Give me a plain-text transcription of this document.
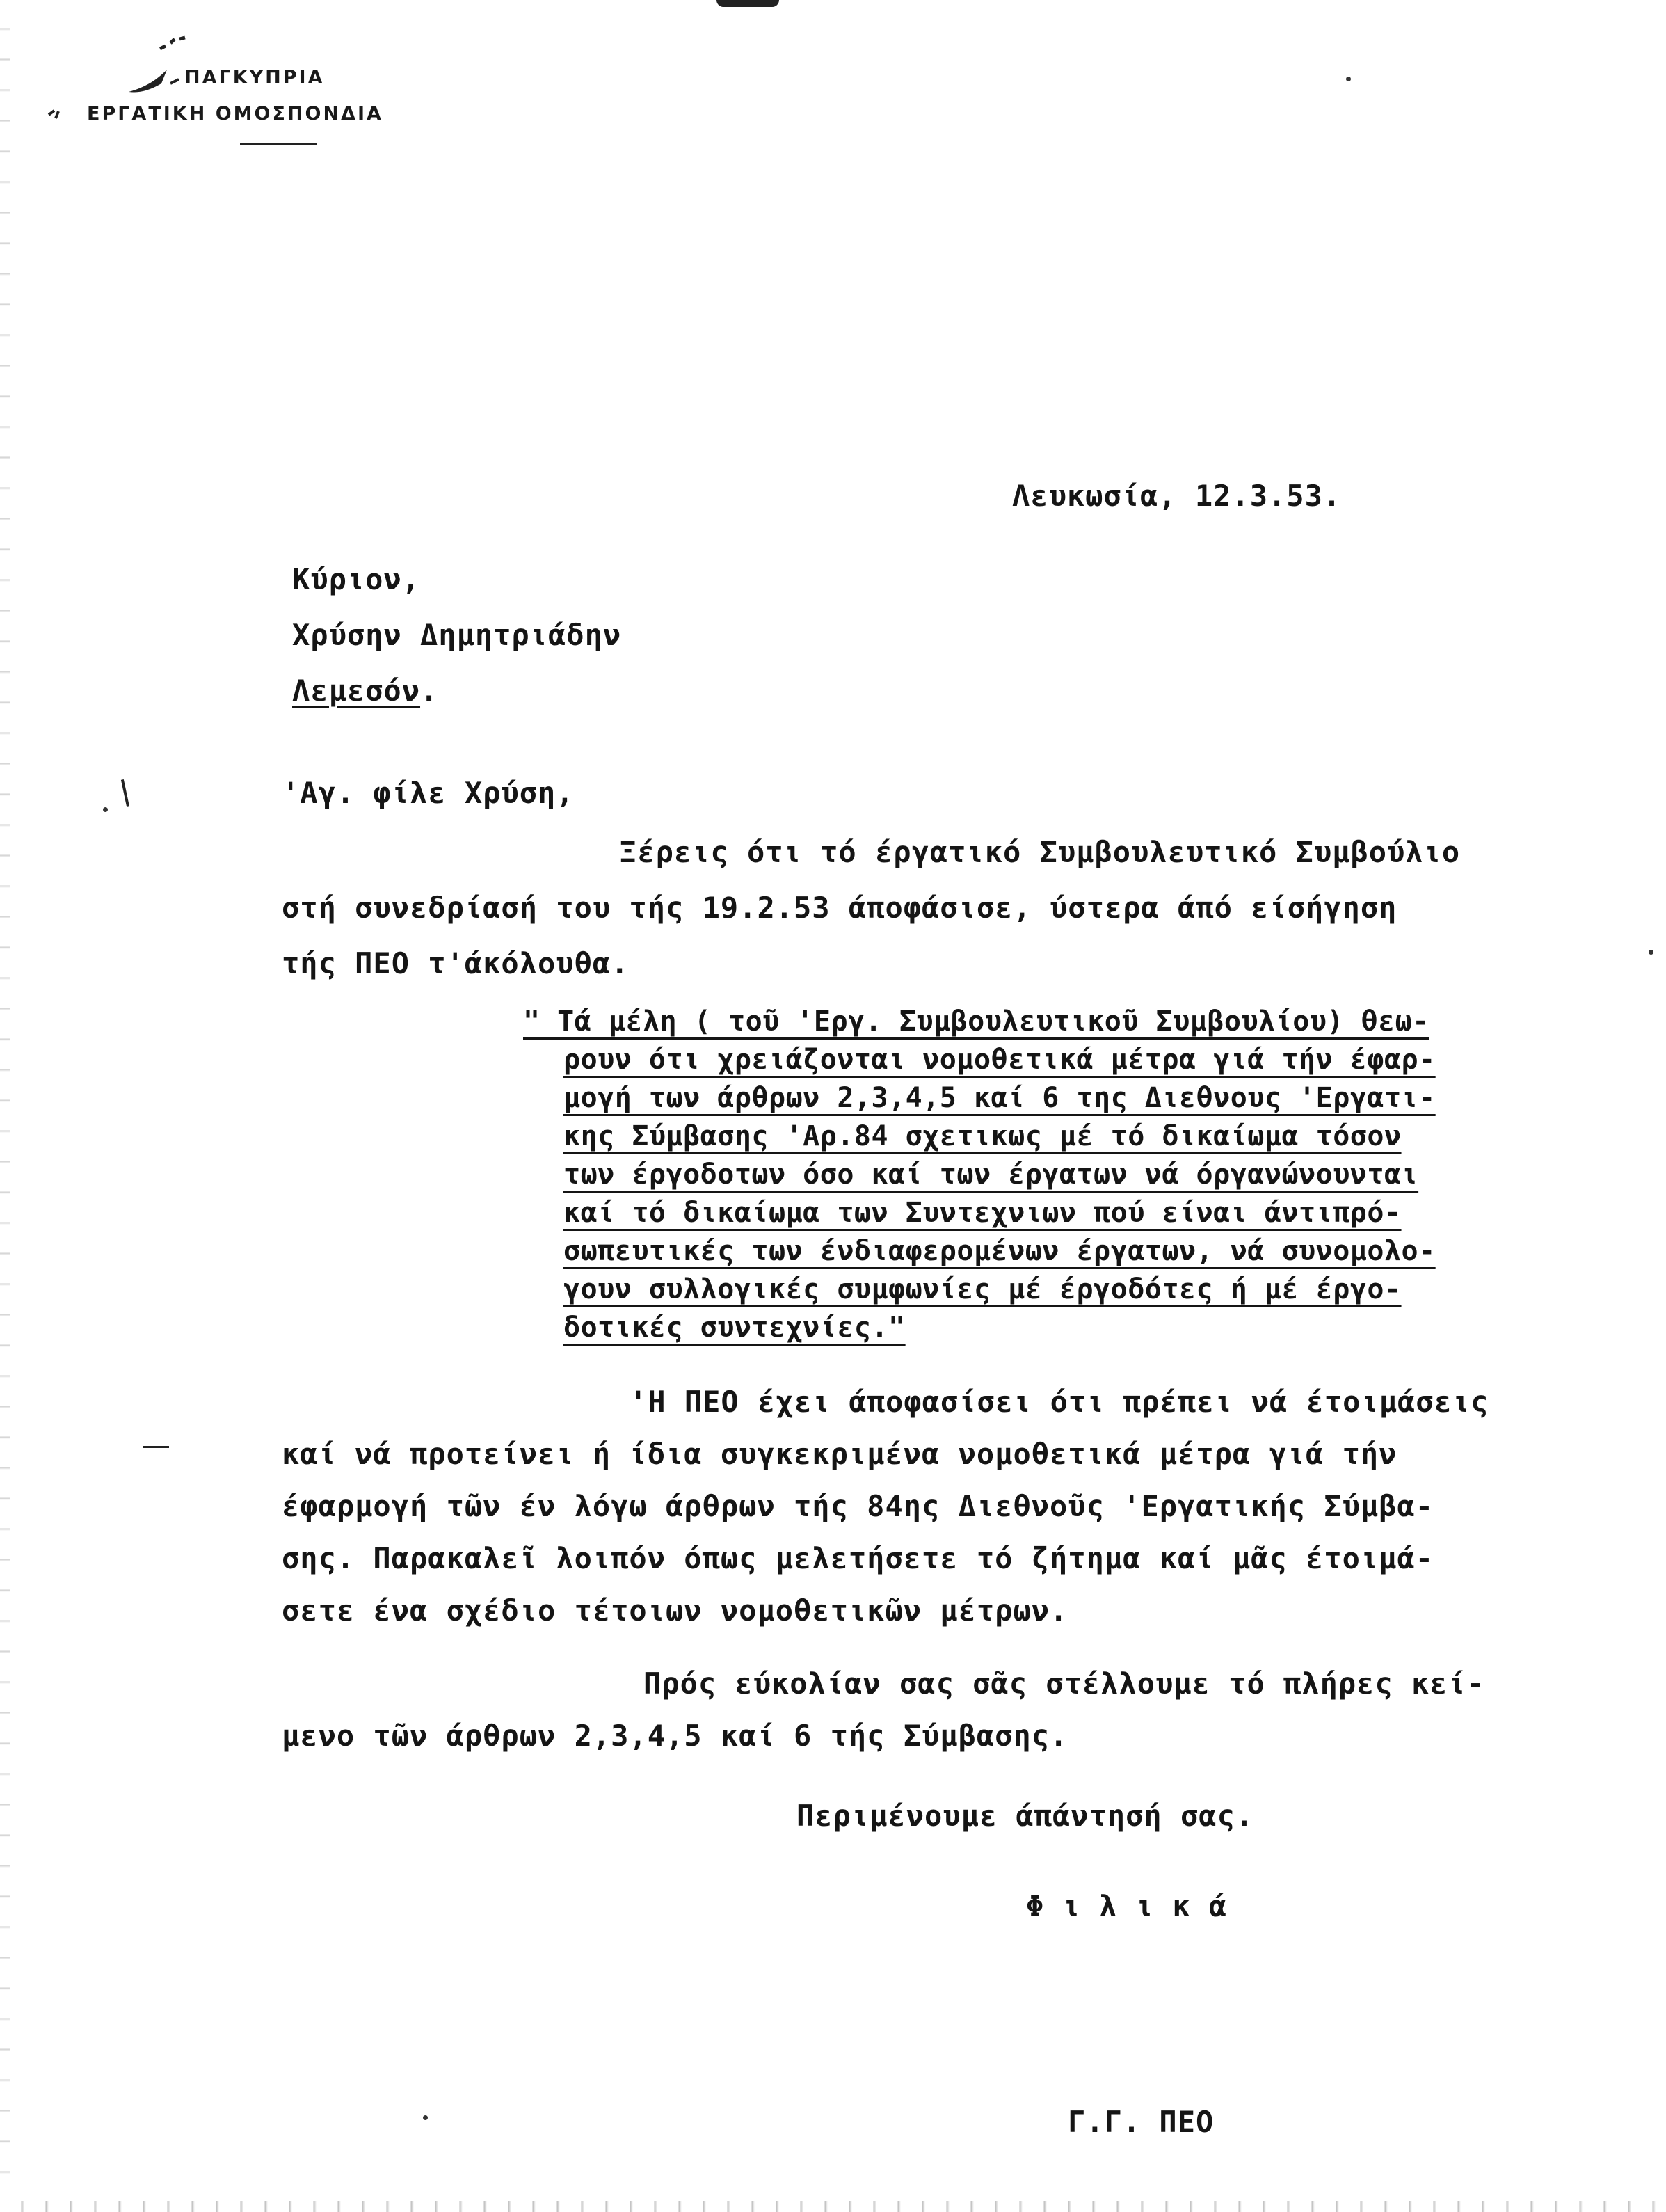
ΠΑΓΚΥΠΡΙΑ
ΕΡΓΑΤΙΚΗ ΟΜΟΣΠΟΝΔΙΑ
Λευκωσία, 12.3.53.
Κύριον,
Χρύσην Δημητριάδην
Λεμεσόν.
'Αγ. φίλε Χρύση,
Ξέρεις ότι τό έργατικό Συμβουλευτικό Συμβούλιο
στή συνεδρίασή του τής 19.2.53 άποφάσισε, ύστερα άπό είσήγηση
τής ΠΕΟ τ'άκόλουθα.
" Τά μέλη ( τοῦ 'Εργ. Συμβουλευτικοῦ Συμβουλίου) θεω-
ρουν ότι χρειάζονται νομοθετικά μέτρα γιά τήν έφαρ-
μογή των άρθρων 2,3,4,5 καί 6 της Διεθνους 'Εργατι-
κης Σύμβασης 'Αρ.84 σχετικως μέ τό δικαίωμα τόσον
των έργοδοτων όσο καί των έργατων νά όργανώνουνται
καί τό δικαίωμα των Συντεχνιων πού είναι άντιπρό-
σωπευτικές των ένδιαφερομένων έργατων, νά συνομολο-
γουν συλλογικές συμφωνίες μέ έργοδότες ή μέ έργο-
δοτικές συντεχνίες."
'Η ΠΕΟ έχει άποφασίσει ότι πρέπει νά έτοιμάσεις
καί νά προτείνει ή ίδια συγκεκριμένα νομοθετικά μέτρα γιά τήν
έφαρμογή τῶν έν λόγω άρθρων τής 84ης Διεθνοῦς 'Εργατικής Σύμβα-
σης. Παρακαλεῖ λοιπόν όπως μελετήσετε τό ζήτημα καί μᾶς έτοιμά-
σετε ένα σχέδιο τέτοιων νομοθετικῶν μέτρων.
Πρός εύκολίαν σας σᾶς στέλλουμε τό πλήρες κεί-
μενο τῶν άρθρων 2,3,4,5 καί 6 τής Σύμβασης.
Περιμένουμε άπάντησή σας.
Φ ι λ ι κ ά
Γ.Γ. ΠΕΟ
